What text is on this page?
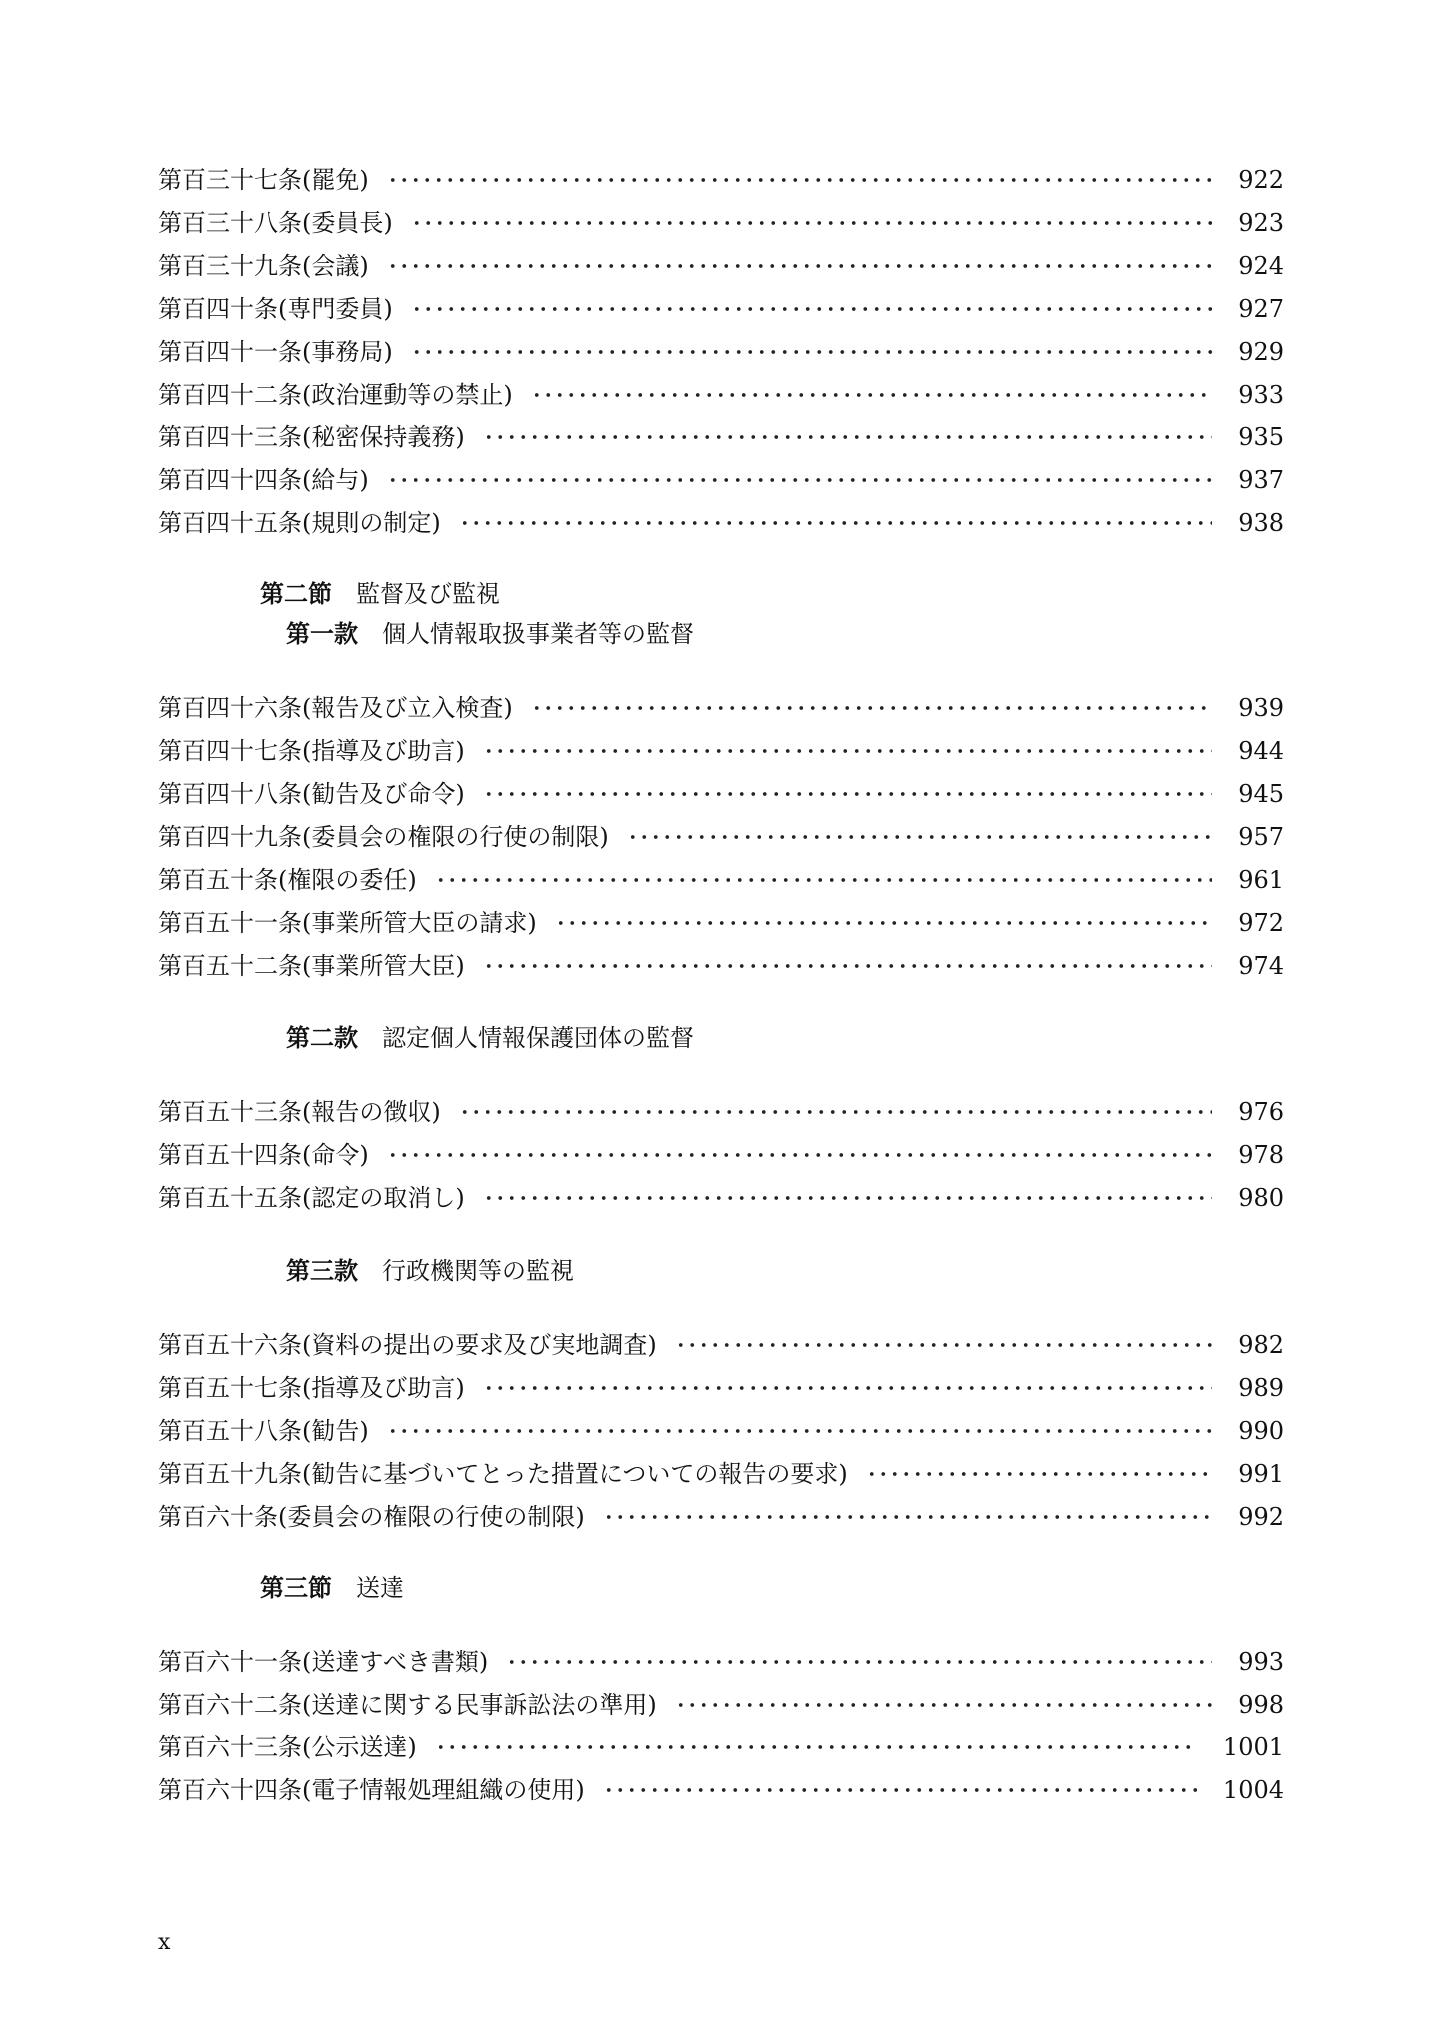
第百三十七条(罷免)	922
第百三十八条(委員長)	923
第百三十九条(会議)	924
第百四十条(専門委員)	927
第百四十一条(事務局)	929
第百四十二条(政治運動等の禁止)	933
第百四十三条(秘密保持義務)	935
第百四十四条(給与)	937
第百四十五条(規則の制定)	938
第二節 監督及び監視
第一款 個人情報取扱事業者等の監督
第百四十六条(報告及び立入検査)	939
第百四十七条(指導及び助言)	944
第百四十八条(勧告及び命令)	945
第百四十九条(委員会の権限の行使の制限)	957
第百五十条(権限の委任)	961
第百五十一条(事業所管大臣の請求)	972
第百五十二条(事業所管大臣)	974
第二款 認定個人情報保護団体の監督
第百五十三条(報告の徴収)	976
第百五十四条(命令)	978
第百五十五条(認定の取消し)	980
第三款 行政機関等の監視
第百五十六条(資料の提出の要求及び実地調査)	982
第百五十七条(指導及び助言)	989
第百五十八条(勧告)	990
第百五十九条(勧告に基づいてとった措置についての報告の要求)	991
第百六十条(委員会の権限の行使の制限)	992
第三節 送達
第百六十一条(送達すべき書類)	993
第百六十二条(送達に関する民事訴訟法の準用)	998
第百六十三条(公示送達)	1001
第百六十四条(電子情報処理組織の使用)	1004
x
